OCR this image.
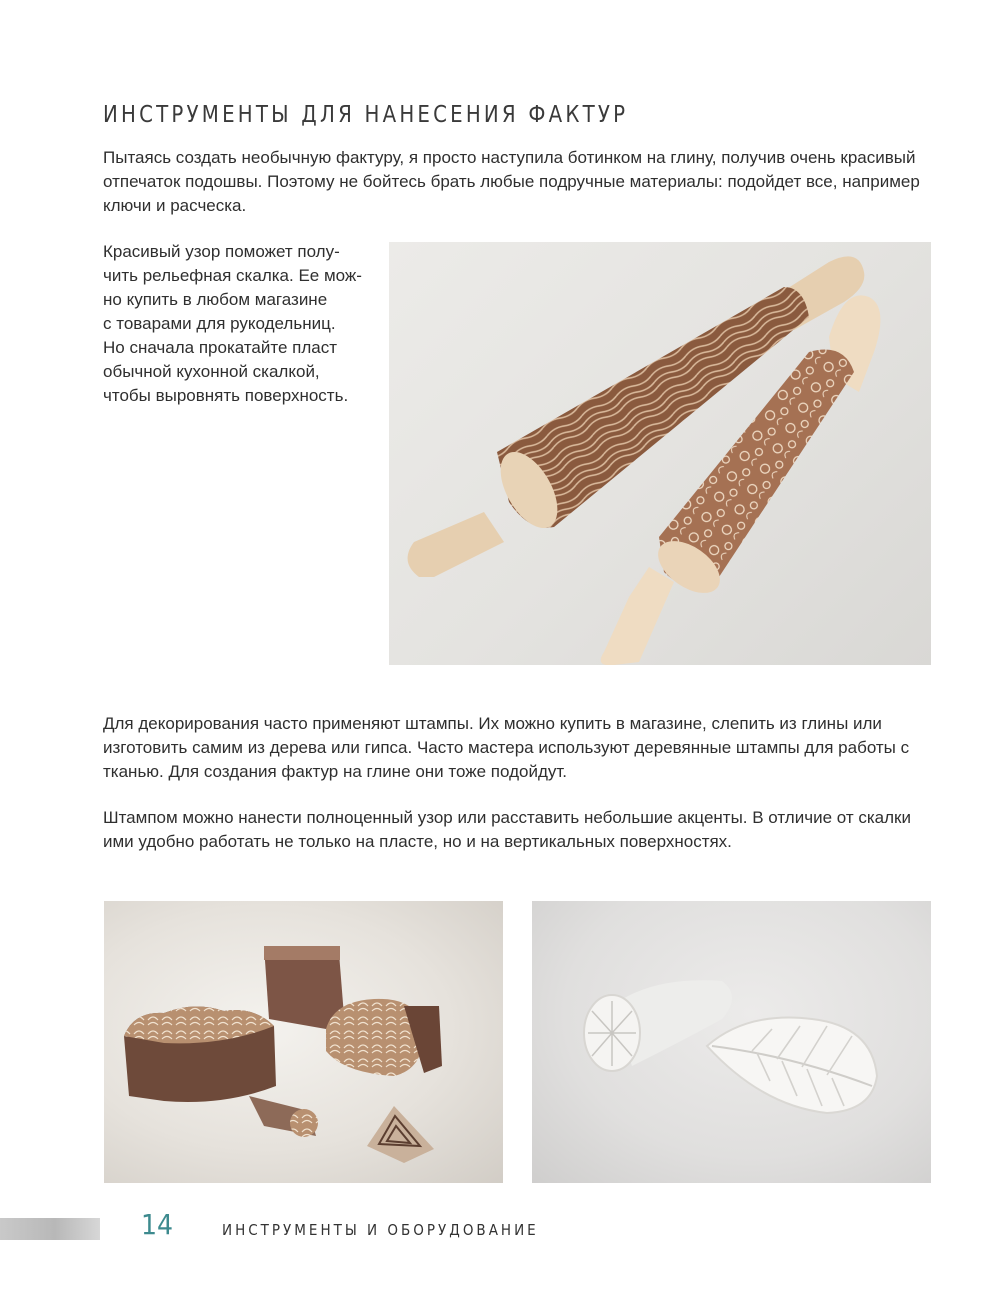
ИНСТРУМЕНТЫ ДЛЯ НАНЕСЕНИЯ ФАКТУР

Пытаясь создать необычную фактуру, я просто наступила ботинком на глину, получив очень красивый отпечаток подошвы. Поэтому не бойтесь брать любые подручные материалы: подойдет все, например ключи и расческа.

Красивый узор поможет полу-
чить рельефная скалка. Ее мож-
но купить в любом магазине
с товарами для рукодельниц.
Но сначала прокатайте пласт
обычной кухонной скалкой,
чтобы выровнять поверхность.

Для декорирования часто применяют штампы. Их можно купить в магазине, слепить из глины или изготовить самим из дерева или гипса. Часто мастера используют деревянные штампы для работы с тканью. Для создания фактур на глине они тоже подойдут.

Штампом можно нанести полноценный узор или расставить небольшие акценты. В отличие от скалки ими удобно работать не только на пласте, но и на вертикальных поверхностях.

14	ИНСТРУМЕНТЫ И ОБОРУДОВАНИЕ
